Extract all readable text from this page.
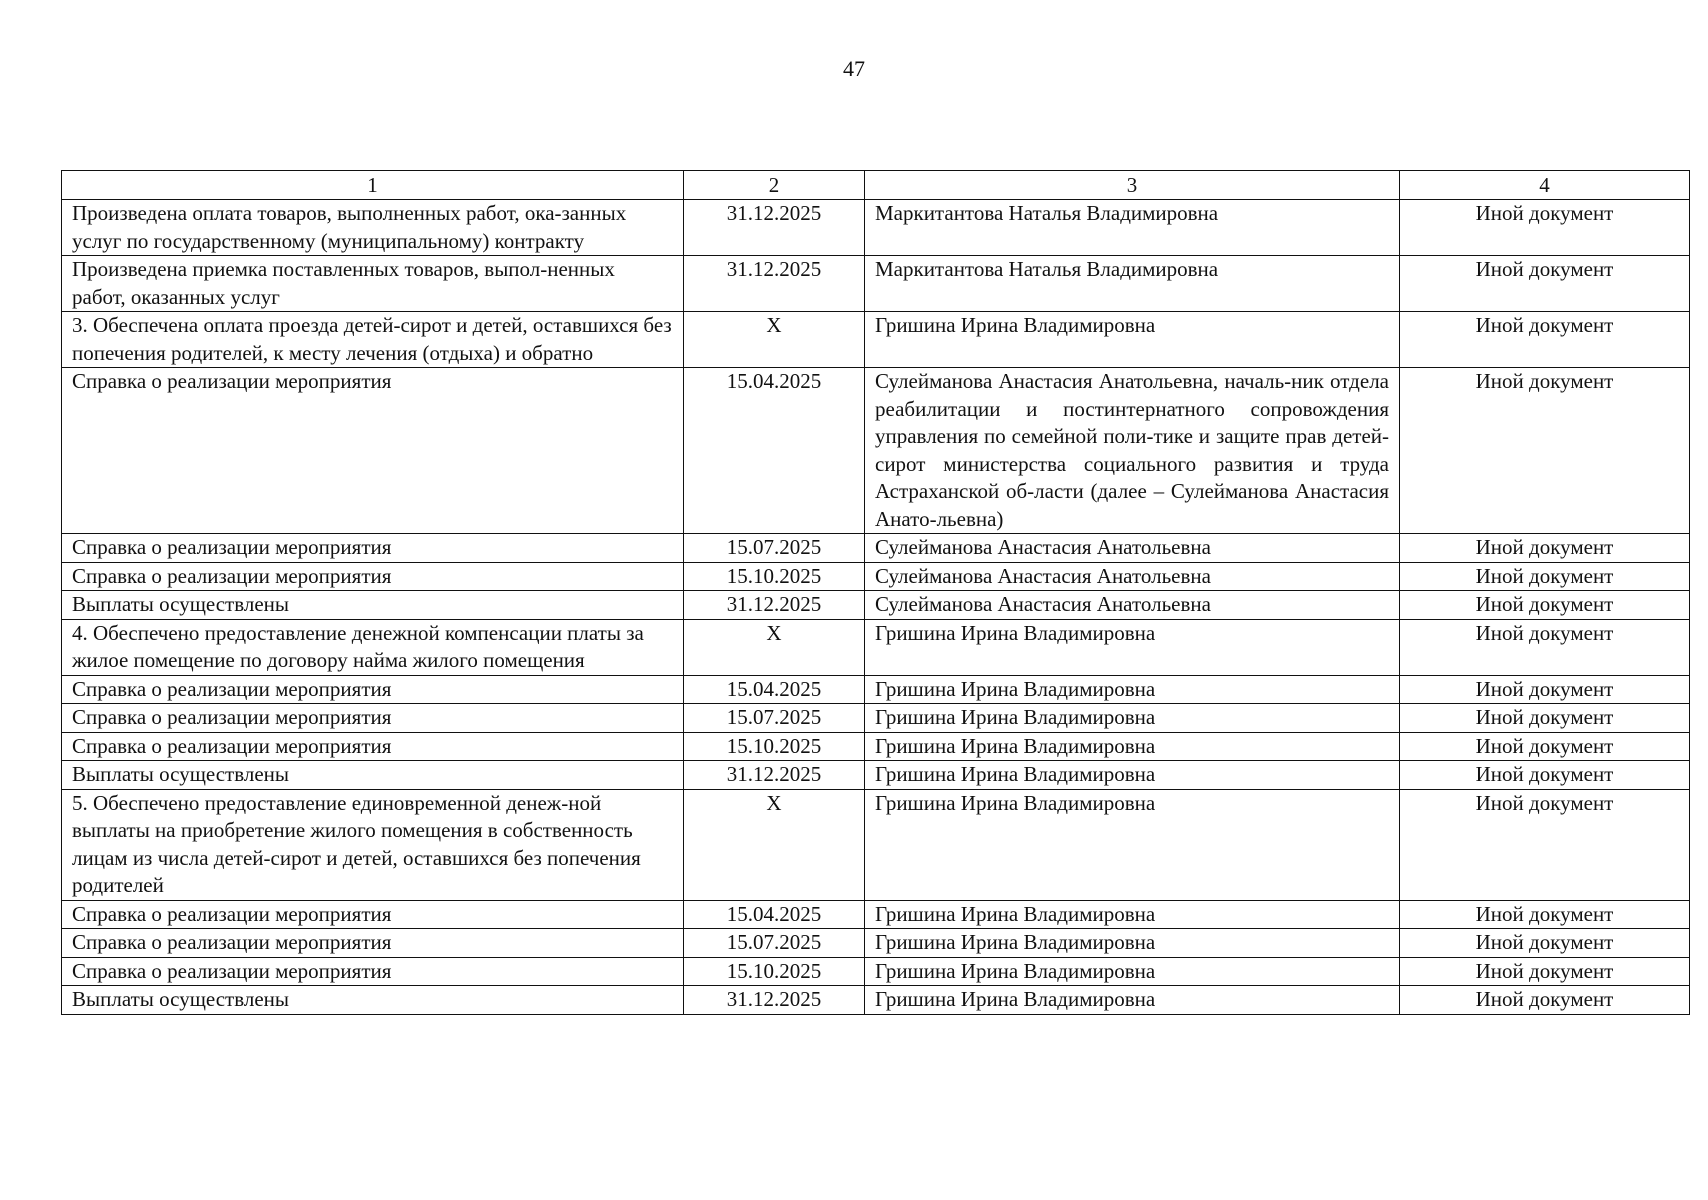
47
1	2	3	4
Произведена оплата товаров, выполненных работ, ока-​занных услуг по государственному (муниципальному) контракту	31.12.2025	Маркитантова Наталья Владимировна	Иной документ
Произведена приемка поставленных товаров, выпол-​ненных работ, оказанных услуг	31.12.2025	Маркитантова Наталья Владимировна	Иной документ
3. Обеспечена оплата проезда детей-сирот и детей, оставшихся без попечения родителей, к месту лечения (отдыха) и обратно	X	Гришина Ирина Владимировна	Иной документ
Справка о реализации мероприятия	15.04.2025	Сулейманова Анастасия Анатольевна, началь-​ник отдела реабилитации и постинтернатного сопровождения управления по семейной поли-​тике и защите прав детей-сирот министерства социального развития и труда Астраханской об-​ласти (далее – Сулейманова Анастасия Анато-​льевна)	Иной документ
Справка о реализации мероприятия	15.07.2025	Сулейманова Анастасия Анатольевна	Иной документ
Справка о реализации мероприятия	15.10.2025	Сулейманова Анастасия Анатольевна	Иной документ
Выплаты осуществлены	31.12.2025	Сулейманова Анастасия Анатольевна	Иной документ
4. Обеспечено предоставление денежной компенсации платы за жилое помещение по договору найма жилого помещения	X	Гришина Ирина Владимировна	Иной документ
Справка о реализации мероприятия	15.04.2025	Гришина Ирина Владимировна	Иной документ
Справка о реализации мероприятия	15.07.2025	Гришина Ирина Владимировна	Иной документ
Справка о реализации мероприятия	15.10.2025	Гришина Ирина Владимировна	Иной документ
Выплаты осуществлены	31.12.2025	Гришина Ирина Владимировна	Иной документ
5. Обеспечено предоставление единовременной денеж-​ной выплаты на приобретение жилого помещения в собственность лицам из числа детей-сирот и детей, оставшихся без попечения родителей	X	Гришина Ирина Владимировна	Иной документ
Справка о реализации мероприятия	15.04.2025	Гришина Ирина Владимировна	Иной документ
Справка о реализации мероприятия	15.07.2025	Гришина Ирина Владимировна	Иной документ
Справка о реализации мероприятия	15.10.2025	Гришина Ирина Владимировна	Иной документ
Выплаты осуществлены	31.12.2025	Гришина Ирина Владимировна	Иной документ
